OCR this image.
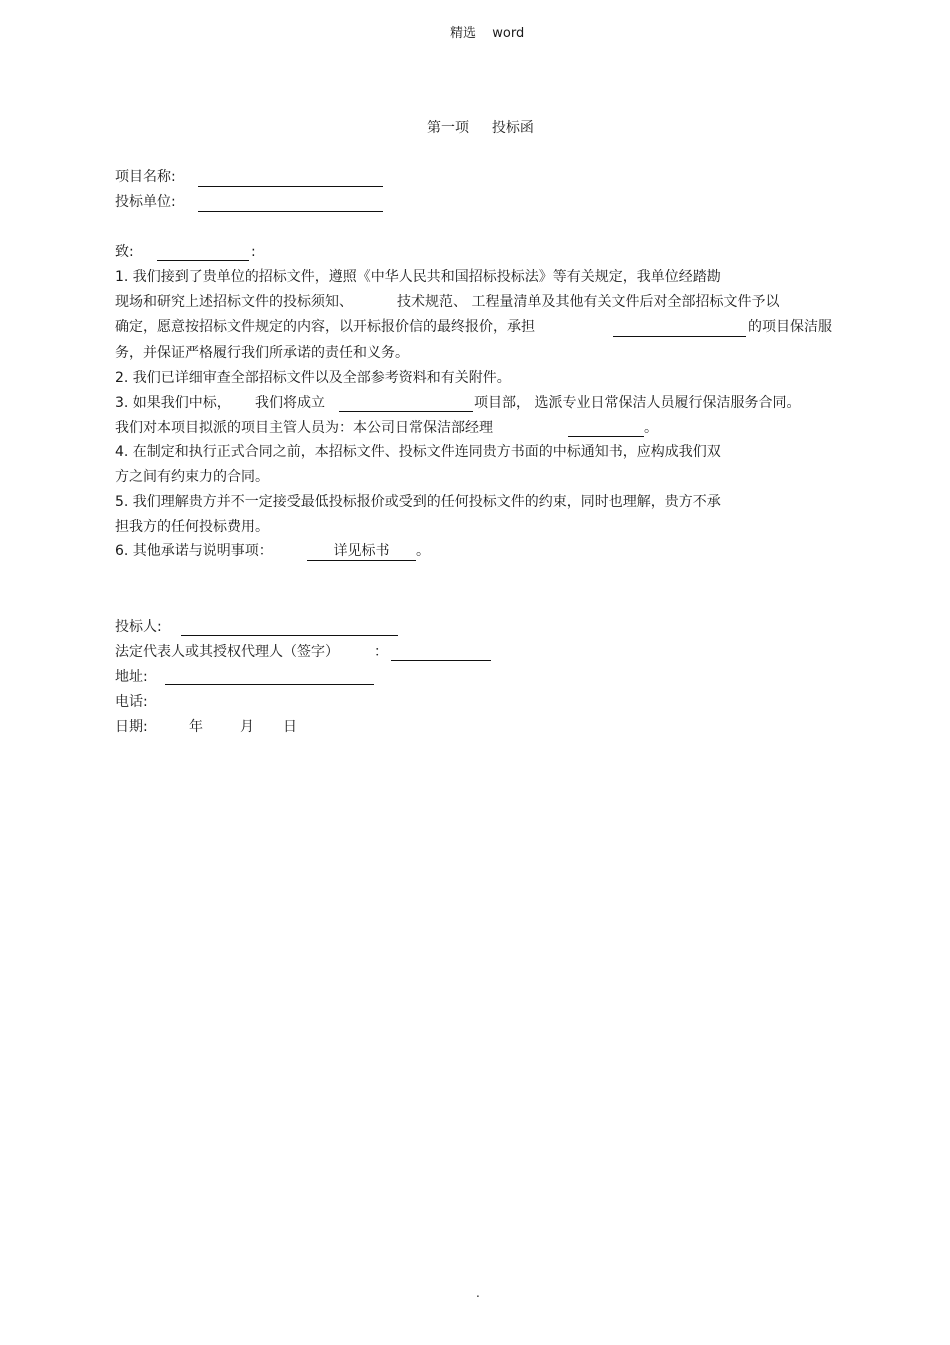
精选 word
第一项 投标函
项目名称:
投标单位:
致:	:
1. 我们接到了贵单位的招标文件，遵照《中华人民共和国招标投标法》等有关规定，我单位经踏勘
现场和研究上述招标文件的投标须知、	技术规范、 工程量清单及其他有关文件后对全部招标文件予以
确定，愿意按招标文件规定的内容，以开标报价信的最终报价，承担	的项目保洁服
务，并保证严格履行我们所承诺的责任和义务。
2. 我们已详细审查全部招标文件以及全部参考资料和有关附件。
3. 如果我们中标， 我们将成立	项目部， 选派专业日常保洁人员履行保洁服务合同。
我们对本项目拟派的项目主管人员为：本公司日常保洁部经理	。
4. 在制定和执行正式合同之前，本招标文件、投标文件连同贵方书面的中标通知书，应构成我们双
方之间有约束力的合同。
5. 我们理解贵方并不一定接受最低投标报价或受到的任何投标文件的约束，同时也理解，贵方不承
担我方的任何投标费用。
6. 其他承诺与说明事项：	详见标书	。
投标人:
法定代表人或其授权代理人（签字）	：
地址:
电话:
日期:	年	月 日
.
